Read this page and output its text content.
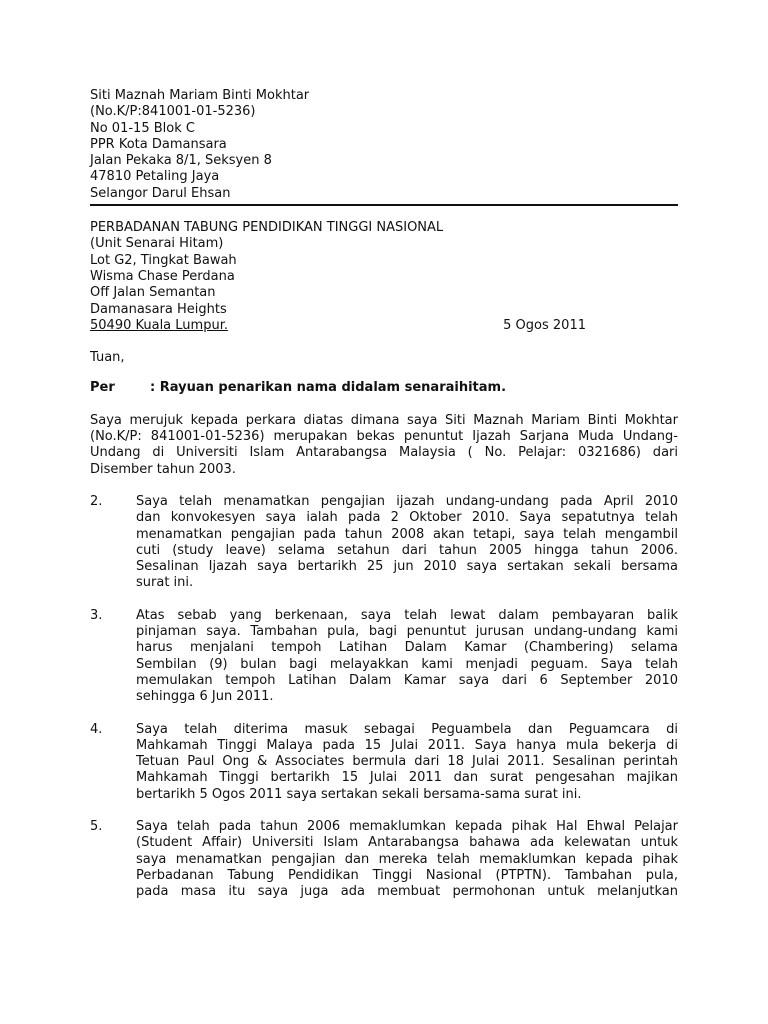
Siti Maznah Mariam Binti Mokhtar
(No.K/P:841001-01-5236)
No 01-15 Blok C
PPR Kota Damansara
Jalan Pekaka 8/1, Seksyen 8
47810 Petaling Jaya
Selangor Darul Ehsan
PERBADANAN TABUNG PENDIDIKAN TINGGI NASIONAL
(Unit Senarai Hitam)
Lot G2, Tingkat Bawah
Wisma Chase Perdana
Off Jalan Semantan
Damanasara Heights
50490 Kuala Lumpur.	5 Ogos 2011
Tuan,
Per	: Rayuan penarikan nama didalam senaraihitam.
Saya merujuk kepada perkara diatas dimana saya Siti Maznah Mariam Binti Mokhtar
(No.K/P: 841001-01-5236) merupakan bekas penuntut Ijazah Sarjana Muda Undang-
Undang di Universiti Islam Antarabangsa Malaysia ( No. Pelajar: 0321686) dari
Disember tahun 2003.
2.	Saya telah menamatkan pengajian ijazah undang-undang pada April 2010
dan konvokesyen saya ialah pada 2 Oktober 2010. Saya sepatutnya telah
menamatkan pengajian pada tahun 2008 akan tetapi, saya telah mengambil
cuti (study leave) selama setahun dari tahun 2005 hingga tahun 2006.
Sesalinan Ijazah saya bertarikh 25 jun 2010 saya sertakan sekali bersama
surat ini.
3.	Atas sebab yang berkenaan, saya telah lewat dalam pembayaran balik
pinjaman saya. Tambahan pula, bagi penuntut jurusan undang-undang kami
harus menjalani tempoh Latihan Dalam Kamar (Chambering) selama
Sembilan (9) bulan bagi melayakkan kami menjadi peguam. Saya telah
memulakan tempoh Latihan Dalam Kamar saya dari 6 September 2010
sehingga 6 Jun 2011.
4.	Saya telah diterima masuk sebagai Peguambela dan Peguamcara di
Mahkamah Tinggi Malaya pada 15 Julai 2011. Saya hanya mula bekerja di
Tetuan Paul Ong & Associates bermula dari 18 Julai 2011. Sesalinan perintah
Mahkamah Tinggi bertarikh 15 Julai 2011 dan surat pengesahan majikan
bertarikh 5 Ogos 2011 saya sertakan sekali bersama-sama surat ini.
5.	Saya telah pada tahun 2006 memaklumkan kepada pihak Hal Ehwal Pelajar
(Student Affair) Universiti Islam Antarabangsa bahawa ada kelewatan untuk
saya menamatkan pengajian dan mereka telah memaklumkan kepada pihak
Perbadanan Tabung Pendidikan Tinggi Nasional (PTPTN). Tambahan pula,
pada masa itu saya juga ada membuat permohonan untuk melanjutkan
